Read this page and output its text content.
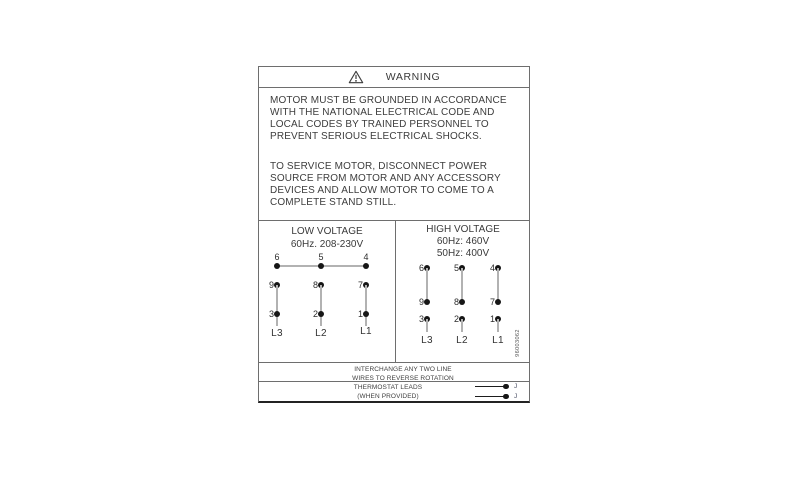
WARNING

MOTOR MUST BE GROUNDED IN ACCORDANCE WITH THE NATIONAL ELECTRICAL CODE AND LOCAL CODES BY TRAINED PERSONNEL TO PREVENT SERIOUS ELECTRICAL SHOCKS.

TO SERVICE MOTOR, DISCONNECT POWER SOURCE FROM MOTOR AND ANY ACCESSORY DEVICES AND ALLOW MOTOR TO COME TO A COMPLETE STAND STILL.

LOW VOLTAGE
60Hz. 208-230V
6
9
3
L3
5
8
2
L2
4
7
1
L1
HIGH VOLTAGE
60Hz: 460V
50Hz: 400V
6
9
3
L3
5
8
2
L2
4
7
1
L1	96003062
INTERCHANGE ANY TWO LINE
WIRES TO REVERSE ROTATION
THERMOSTAT LEADS
(WHEN PROVIDED)
J
J
